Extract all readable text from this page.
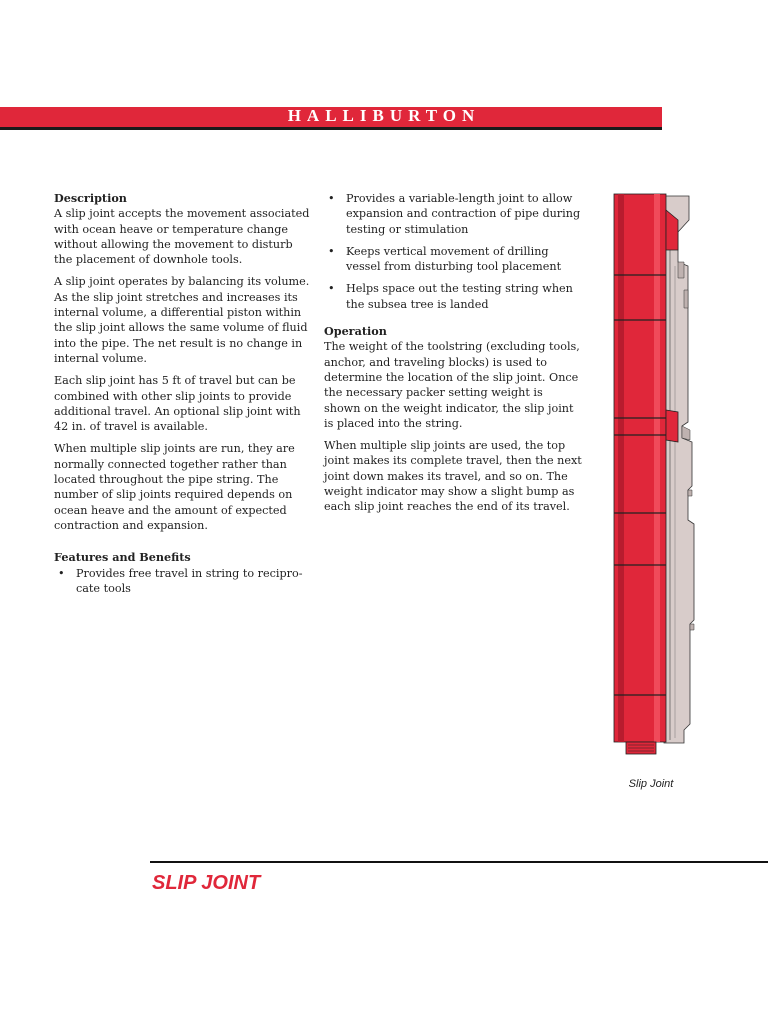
HALLIBURTON

Description

A slip joint accepts the movement associated with ocean heave or temperature change without allowing the movement to disturb the placement of downhole tools.

A slip joint operates by balancing its volume. As the slip joint stretches and increases its internal volume, a differential piston within the slip joint allows the same volume of fluid into the pipe. The net result is no change in internal volume.

Each slip joint has 5 ft of travel but can be combined with other slip joints to provide additional travel. An optional slip joint with 42 in. of travel is available.

When multiple slip joints are run, they are normally connected together rather than located throughout the pipe string. The number of slip joints required depends on ocean heave and the amount of expected contraction and expansion.

Features and Benefits

• Provides free travel in string to recipro-cate tools
• Provides a variable-length joint to allow expansion and contraction of pipe during testing or stimulation
• Keeps vertical movement of drilling vessel from disturbing tool placement
• Helps space out the testing string when the subsea tree is landed

Operation

The weight of the toolstring (excluding tools, anchor, and traveling blocks) is used to determine the location of the slip joint. Once the necessary packer setting weight is shown on the weight indicator, the slip joint is placed into the string.

When multiple slip joints are used, the top joint makes its complete travel, then the next joint down makes its travel, and so on. The weight indicator may show a slight bump as each slip joint reaches the end of its travel.

Slip Joint
SLIP JOINT
